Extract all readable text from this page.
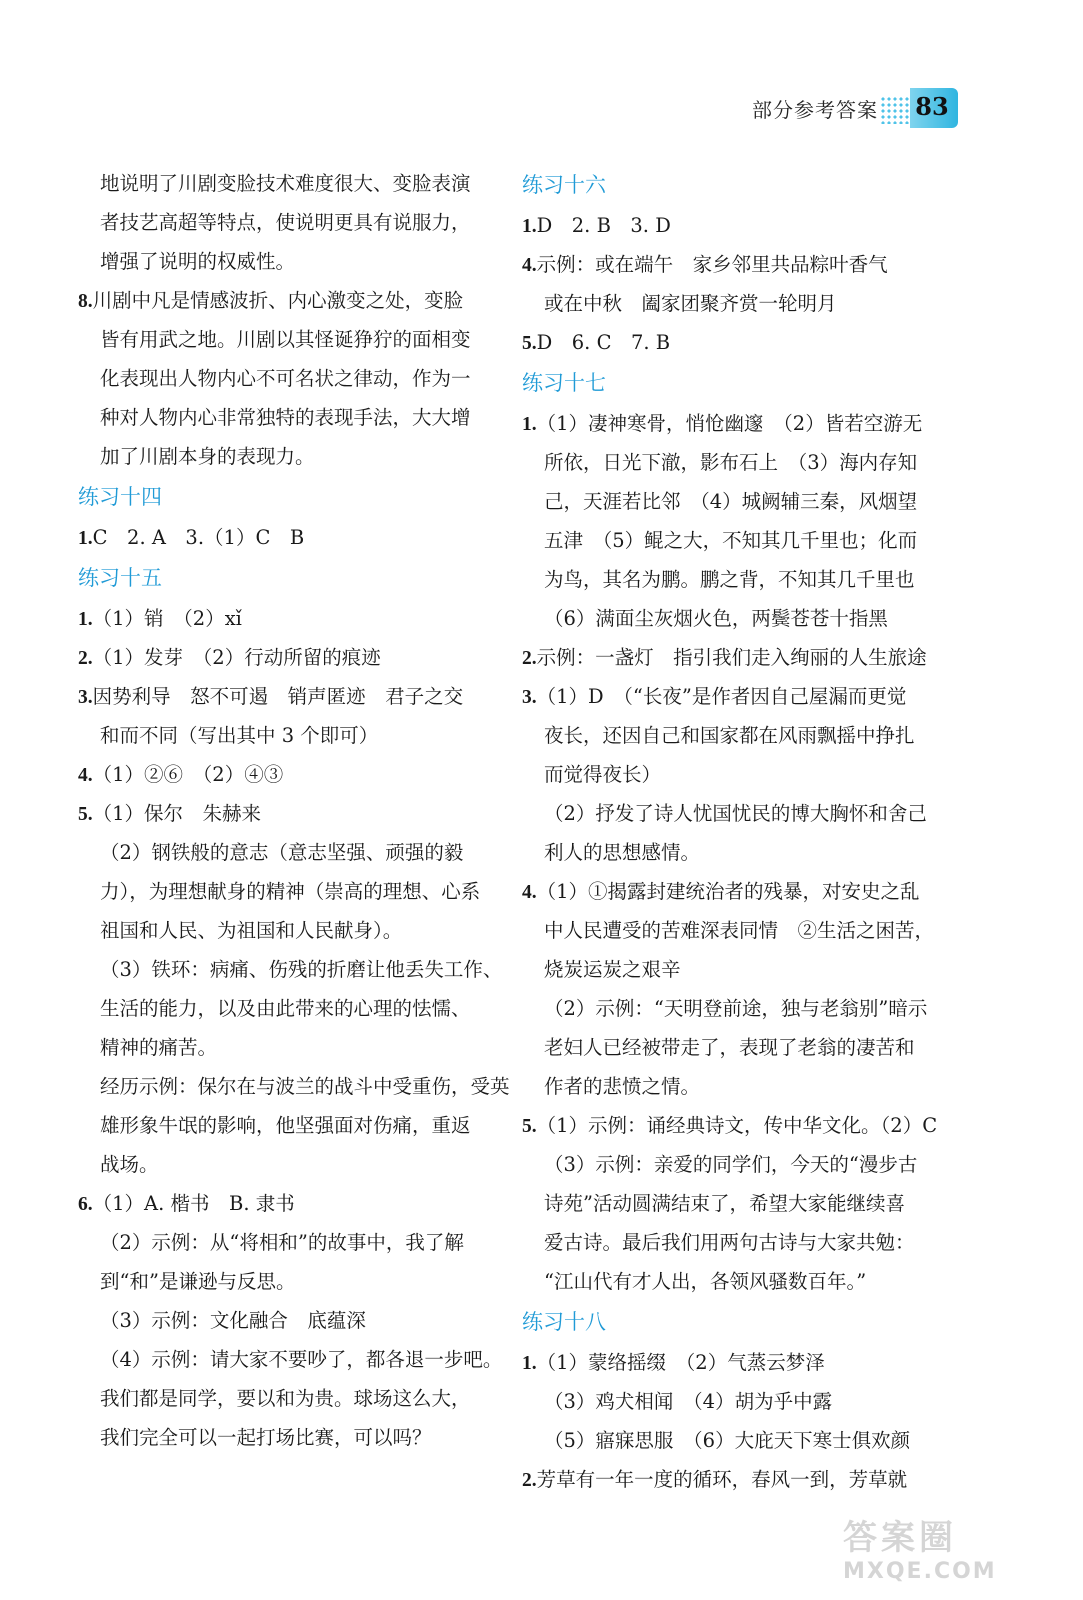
部分参考答案 83
地说明了川剧变脸技术难度很大、变脸表演
者技艺高超等特点，使说明更具有说服力，
增强了说明的权威性。
8.川剧中凡是情感波折、内心激变之处，变脸
皆有用武之地。川剧以其怪诞狰狞的面相变
化表现出人物内心不可名状之律动，作为一
种对人物内心非常独特的表现手法，大大增
加了川剧本身的表现力。
练习十四
1.C　2. A　3.（1）C　B
练习十五
1.（1）销　（2）xǐ
2.（1）发芽　（2）行动所留的痕迹
3.因势利导　怒不可遏　销声匿迹　君子之交
和而不同（写出其中 3 个即可）
4.（1）②⑥　（2）④③
5.（1）保尔　朱赫来
（2）钢铁般的意志（意志坚强、顽强的毅
力），为理想献身的精神（崇高的理想、心系
祖国和人民、为祖国和人民献身）。
（3）铁环：病痛、伤残的折磨让他丢失工作、
生活的能力，以及由此带来的心理的怯懦、
精神的痛苦。
经历示例：保尔在与波兰的战斗中受重伤，受英
雄形象牛氓的影响，他坚强面对伤痛，重返
战场。
6.（1）A. 楷书　B. 隶书
（2）示例：从“将相和”的故事中，我了解
到“和”是谦逊与反思。
（3）示例：文化融合　底蕴深
（4）示例：请大家不要吵了，都各退一步吧。
我们都是同学，要以和为贵。球场这么大，
我们完全可以一起打场比赛，可以吗？
练习十六
1.D　2. B　3. D
4.示例：或在端午　家乡邻里共品粽叶香气
或在中秋　阖家团聚齐赏一轮明月
5.D　6. C　7. B
练习十七
1.（1）凄神寒骨，悄怆幽邃　（2）皆若空游无
所依，日光下澈，影布石上　（3）海内存知
己，天涯若比邻　（4）城阙辅三秦，风烟望
五津　（5）鲲之大，不知其几千里也；化而
为鸟，其名为鹏。鹏之背，不知其几千里也
（6）满面尘灰烟火色，两鬓苍苍十指黑
2.示例：一盏灯　指引我们走入绚丽的人生旅途
3.（1）D　（“长夜”是作者因自己屋漏而更觉
夜长，还因自己和国家都在风雨飘摇中挣扎
而觉得夜长）
（2）抒发了诗人忧国忧民的博大胸怀和舍己
利人的思想感情。
4.（1）①揭露封建统治者的残暴，对安史之乱
中人民遭受的苦难深表同情　②生活之困苦，
烧炭运炭之艰辛
（2）示例：“天明登前途，独与老翁别”暗示
老妇人已经被带走了，表现了老翁的凄苦和
作者的悲愤之情。
5.（1）示例：诵经典诗文，传中华文化。（2）C
（3）示例：亲爱的同学们，今天的“漫步古
诗苑”活动圆满结束了，希望大家能继续喜
爱古诗。最后我们用两句古诗与大家共勉：
“江山代有才人出，各领风骚数百年。”
练习十八
1.（1）蒙络摇缀　（2）气蒸云梦泽
（3）鸡犬相闻　（4）胡为乎中露
（5）寤寐思服　（6）大庇天下寒士俱欢颜
2.芳草有一年一度的循环，春风一到，芳草就
答案圈
MXQE.COM
